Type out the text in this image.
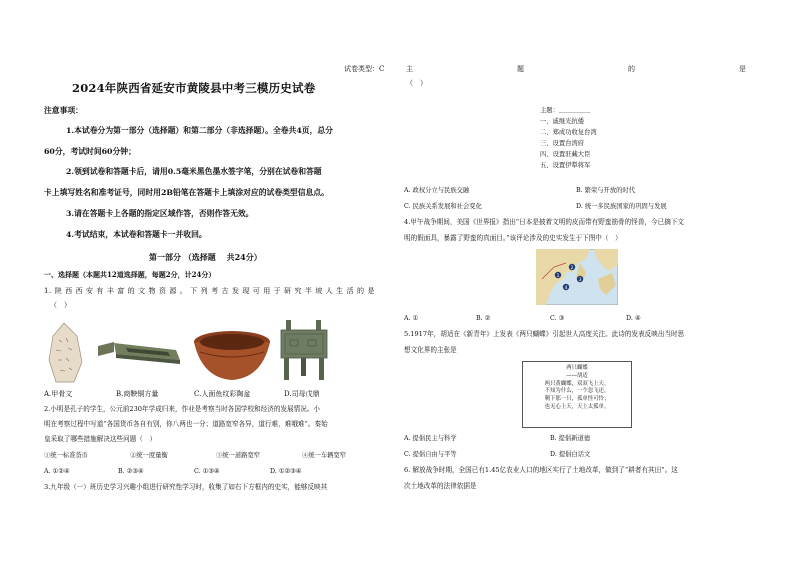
试卷类型：C
2024年陕西省延安市黄陵县中考三模历史试卷
注意事项：
1.本试卷分为第一部分（选择题）和第二部分（非选择题）。全卷共4页，总分
60分，考试时间60分钟；
2.领到试卷和答题卡后，请用0.5毫米黑色墨水签字笔，分别在试卷和答题
卡上填写姓名和准考证号，同时用2B铅笔在答题卡上填涂对应的试卷类型信息点。
3.请在答题卡上各题的指定区域作答，否则作答无效。
4.考试结束，本试卷和答题卡一并收回。
第一部分 （选择题　 共24分）
一、选择题（本题共12道选择题，每题2分，计24分）
1. 陕 西 西 安 有 丰 富 的 文 物 资 源 。 下 列 考 古 发 现 可 用 于 研 究 半 坡 人 生 活 的 是
（　）
A.甲骨文	B.商鞅铜方量	C.人面鱼纹彩陶盆	D.司母戊鼎
2.小明是孔子的学生，公元前230年学成归来，作业是考察当时各国学校和经济的发展情况。小
明在考察过程中写道“各国货币各自有别，你八两也一分；道路宽窄各异，道行难，难哦难”。秦始
皇采取了哪些措施解决这些问题（　）
①统一标准货币	②统一度量衡	③统一道路宽窄	④统一车辆宽窄
A. ①②④	B. ②③④	C. ①③④	D. ①②③④
3.九年级（一）班历史学习兴趣小组进行研究性学习时，收集了如右下方框内的史实，能够反映其
主	题	的	是
（　）
主题：＿＿＿＿＿
一、戚继光抗倭
二、郑成功收复台湾
三、设置台湾府
四、设置驻藏大臣
五、设置伊犁将军
A. 政权分立与民族交融	B. 繁荣与开放的时代
C. 民族关系发展和社会变化	D. 统一多民族国家的巩固与发展
4.甲午战争期间，美国《世界报》指出“日本是披着文明的皮而带有野蛮筋骨的怪兽，今已摘下文
明的假面具，暴露了野蛮的真面目。”该评论涉及的史实发生于下图中（　）
1
2
3
4
A. ①	B. ②	C. ③	D. ④
5.1917年，胡适在《新青年》上发表《两只蝴蝶》引起世人高度关注。此诗的发表反映出当时思
想文化界的主张是
两只蝴蝶
——胡适
两只黄蝴蝶，双双飞上天。
不知为什么，一个忽飞还，
剩下那一只，孤单怪可怜；
也无心上天，天上太孤单。
A. 提倡民主与科学	B. 提倡新道德
C. 提倡自由与平等	D. 提倡白话文
6. 解放战争时期，全国已有1.45亿农业人口的地区实行了土地改革，做到了“耕者有其田”。这
次土地改革的法律依据是
